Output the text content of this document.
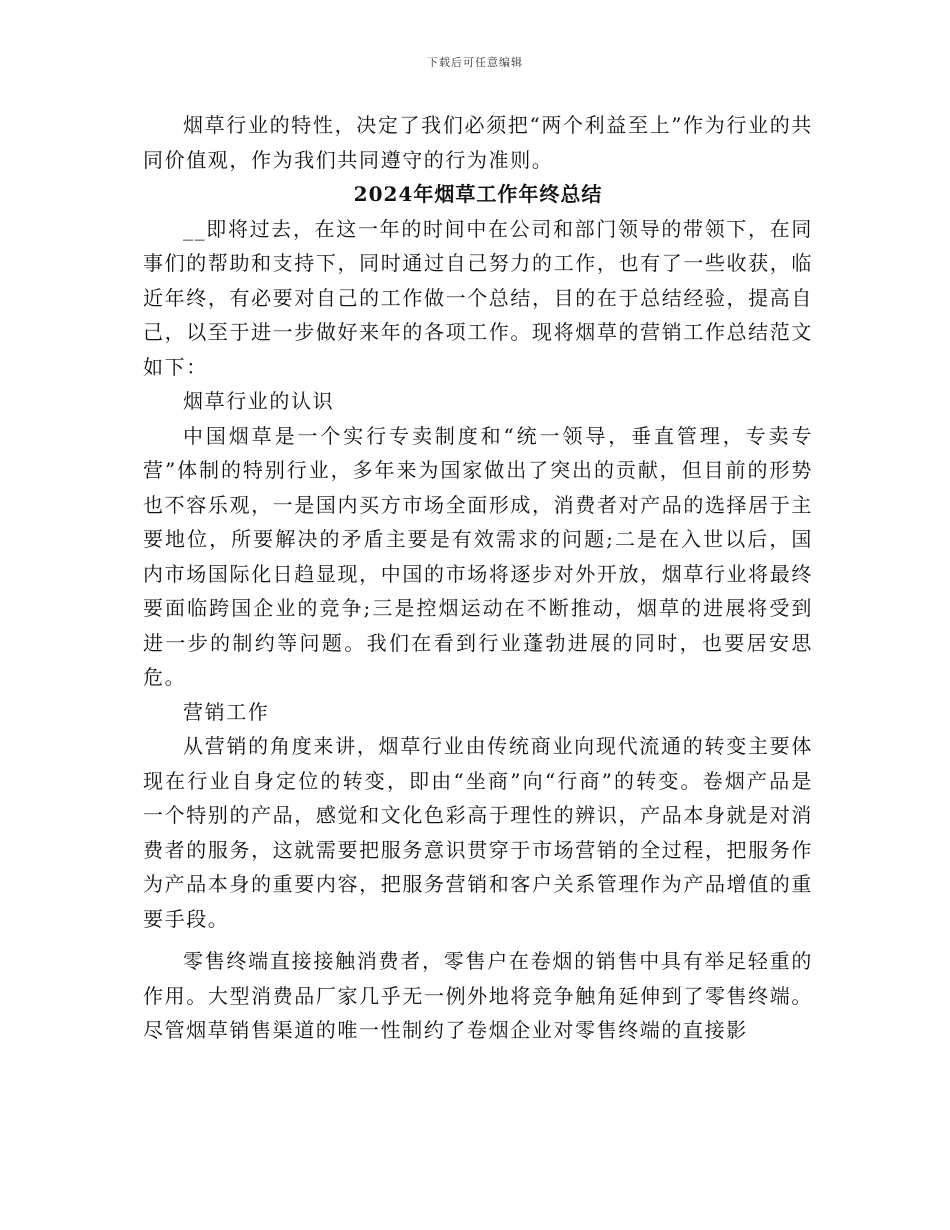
下载后可任意编辑

烟草行业的特性，决定了我们必须把“两个利益至上”作为行业的共同价值观，作为我们共同遵守的行为准则。

2024年烟草工作年终总结

__即将过去，在这一年的时间中在公司和部门领导的带领下，在同事们的帮助和支持下，同时通过自己努力的工作，也有了一些收获，临近年终，有必要对自己的工作做一个总结，目的在于总结经验，提高自己，以至于进一步做好来年的各项工作。现将烟草的营销工作总结范文如下：

烟草行业的认识

中国烟草是一个实行专卖制度和“统一领导，垂直管理，专卖专营”体制的特别行业，多年来为国家做出了突出的贡献，但目前的形势也不容乐观，一是国内买方市场全面形成，消费者对产品的选择居于主要地位，所要解决的矛盾主要是有效需求的问题;二是在入世以后，国内市场国际化日趋显现，中国的市场将逐步对外开放，烟草行业将最终要面临跨国企业的竞争;三是控烟运动在不断推动，烟草的进展将受到进一步的制约等问题。我们在看到行业蓬勃进展的同时，也要居安思危。

营销工作

从营销的角度来讲，烟草行业由传统商业向现代流通的转变主要体现在行业自身定位的转变，即由“坐商”向“行商”的转变。卷烟产品是一个特别的产品，感觉和文化色彩高于理性的辨识，产品本身就是对消费者的服务，这就需要把服务意识贯穿于市场营销的全过程，把服务作为产品本身的重要内容，把服务营销和客户关系管理作为产品增值的重要手段。

零售终端直接接触消费者，零售户在卷烟的销售中具有举足轻重的作用。大型消费品厂家几乎无一例外地将竞争触角延伸到了零售终端。尽管烟草销售渠道的唯一性制约了卷烟企业对零售终端的直接影
